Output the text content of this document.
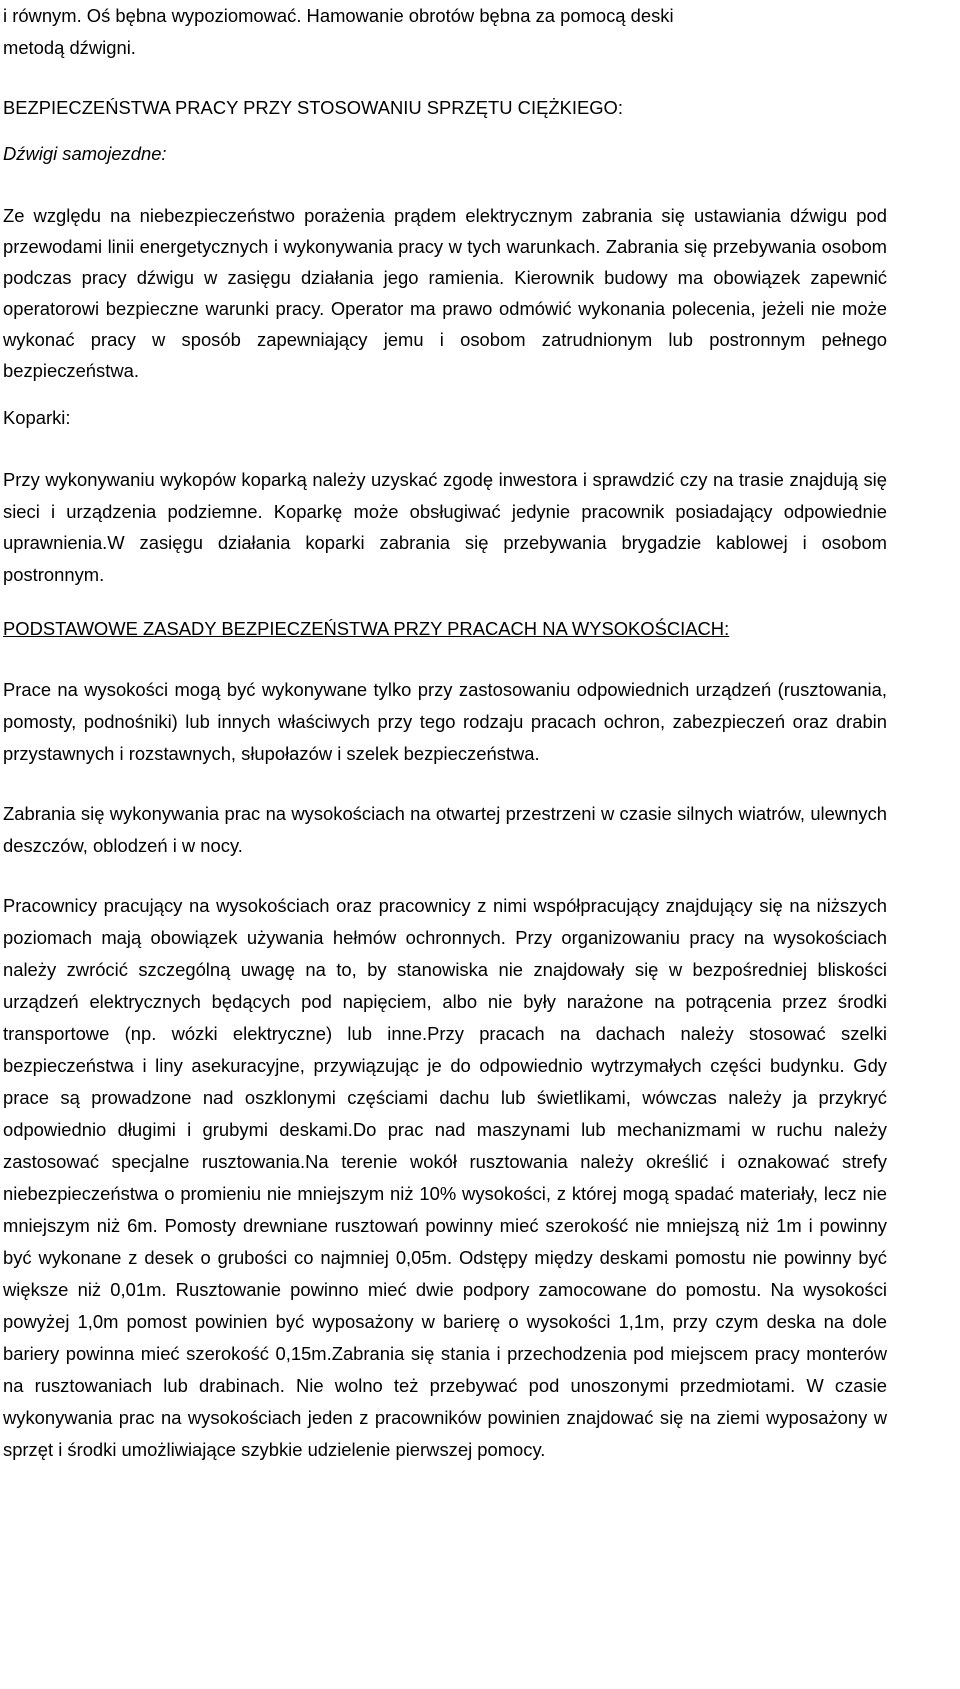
i równym. Oś bębna wypoziomować. Hamowanie obrotów bębna za pomocą deski

metodą dźwigni.

BEZPIECZEŃSTWA PRACY PRZY STOSOWANIU SPRZĘTU CIĘŻKIEGO:

Dźwigi samojezdne:

Ze względu na niebezpieczeństwo porażenia prądem elektrycznym zabrania się ustawiania dźwigu pod przewodami linii energetycznych i wykonywania pracy w tych warunkach. Zabrania się przebywania osobom podczas pracy dźwigu w zasięgu działania jego ramienia. Kierownik budowy ma obowiązek zapewnić operatorowi bezpieczne warunki pracy. Operator ma prawo odmówić wykonania polecenia, jeżeli nie może wykonać pracy w sposób zapewniający jemu i osobom zatrudnionym lub postronnym pełnego bezpieczeństwa.

Koparki:

Przy wykonywaniu wykopów koparką należy uzyskać zgodę inwestora i sprawdzić czy na trasie znajdują się sieci i urządzenia podziemne. Koparkę może obsługiwać jedynie pracownik posiadający odpowiednie uprawnienia.W zasięgu działania koparki zabrania się przebywania brygadzie kablowej i osobom postronnym.

PODSTAWOWE ZASADY BEZPIECZEŃSTWA PRZY PRACACH NA WYSOKOŚCIACH:

Prace na wysokości mogą być wykonywane tylko przy zastosowaniu odpowiednich urządzeń (rusztowania, pomosty, podnośniki) lub innych właściwych przy tego rodzaju pracach ochron, zabezpieczeń oraz drabin przystawnych i rozstawnych, słupołazów i szelek bezpieczeństwa.

Zabrania się wykonywania prac na wysokościach na otwartej przestrzeni w czasie silnych wiatrów, ulewnych deszczów, oblodzeń i w nocy.

Pracownicy pracujący na wysokościach oraz pracownicy z nimi współpracujący znajdujący się na niższych poziomach mają obowiązek używania hełmów ochronnych. Przy organizowaniu pracy na wysokościach należy zwrócić szczególną uwagę na to, by stanowiska nie znajdowały się w bezpośredniej bliskości urządzeń elektrycznych będących pod napięciem, albo nie były narażone na potrącenia przez środki transportowe (np. wózki elektryczne) lub inne.Przy pracach na dachach należy stosować szelki bezpieczeństwa i liny asekuracyjne, przywiązując je do odpowiednio wytrzymałych części budynku. Gdy prace są prowadzone nad oszklonymi częściami dachu lub świetlikami, wówczas należy ja przykryć odpowiednio długimi i grubymi deskami.Do prac nad maszynami lub mechanizmami w ruchu należy zastosować specjalne rusztowania.Na terenie wokół rusztowania należy określić i oznakować strefy niebezpieczeństwa o promieniu nie mniejszym niż 10% wysokości, z której mogą spadać materiały, lecz nie mniejszym niż 6m. Pomosty drewniane rusztowań powinny mieć szerokość nie mniejszą niż 1m i powinny być wykonane z desek o grubości co najmniej 0,05m. Odstępy między deskami pomostu nie powinny być większe niż 0,01m. Rusztowanie powinno mieć dwie podpory zamocowane do pomostu. Na wysokości powyżej 1,0m pomost powinien być wyposażony w barierę o wysokości 1,1m, przy czym deska na dole bariery powinna mieć szerokość 0,15m.Zabrania się stania i przechodzenia pod miejscem pracy monterów na rusztowaniach lub drabinach. Nie wolno też przebywać pod unoszonymi przedmiotami. W czasie wykonywania prac na wysokościach jeden z pracowników powinien znajdować się na ziemi wyposażony w sprzęt i środki umożliwiające szybkie udzielenie pierwszej pomocy.
